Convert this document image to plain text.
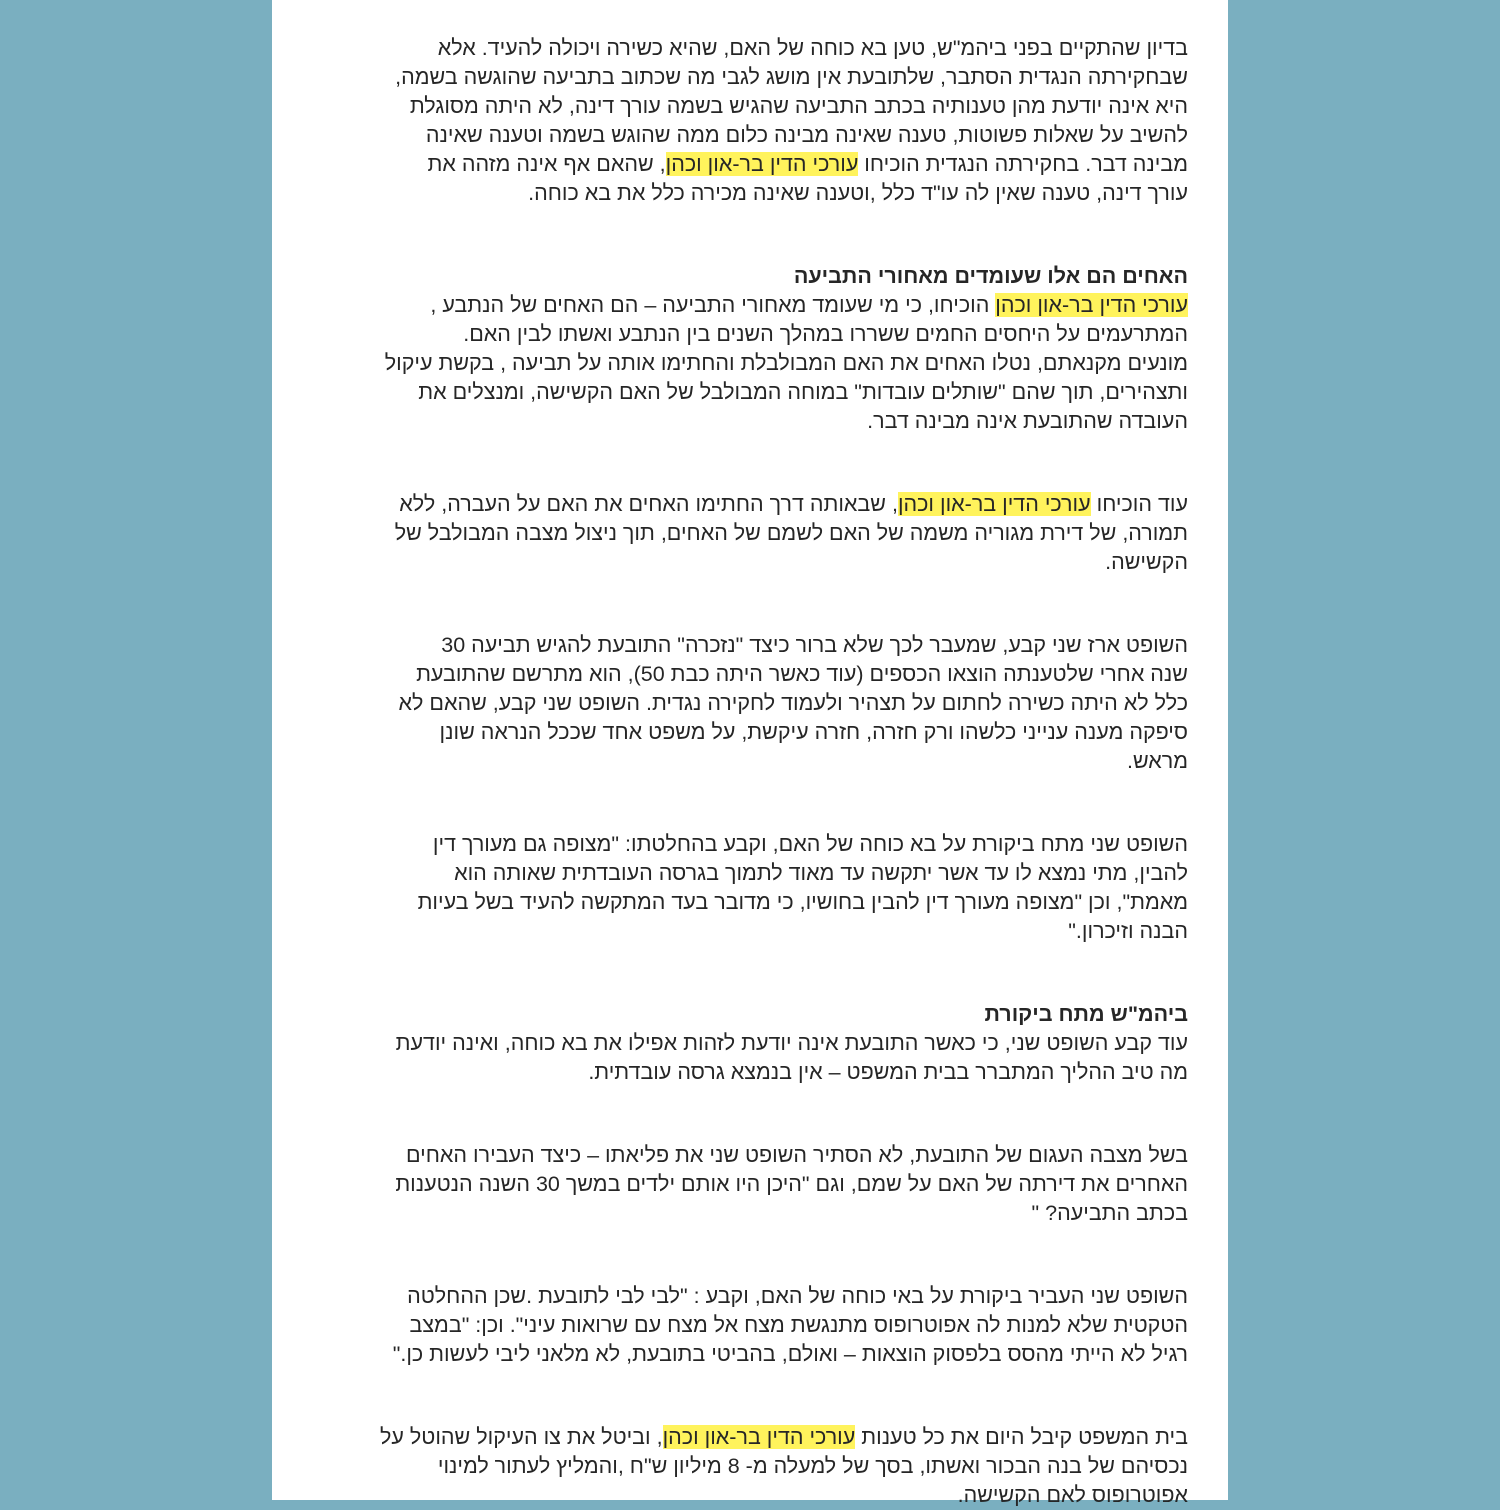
בדיון שהתקיים בפני ביהמ"ש, טען בא כוחה של האם, שהיא כשירה ויכולה להעיד. אלא
שבחקירתה הנגדית הסתבר, שלתובעת אין מושג לגבי מה שכתוב בתביעה שהוגשה בשמה,
היא אינה יודעת מהן טענותיה בכתב התביעה שהגיש בשמה עורך דינה, לא היתה מסוגלת
להשיב על שאלות פשוטות, טענה שאינה מבינה כלום ממה שהוגש בשמה וטענה שאינה
מבינה דבר. בחקירתה הנגדית הוכיחו עורכי הדין בר-און וכהן, שהאם אף אינה מזהה את
עורך דינה, טענה שאין לה עו"ד כלל ,וטענה שאינה מכירה כלל את בא כוחה.

האחים הם אלו שעומדים מאחורי התביעה

עורכי הדין בר-און וכהן הוכיחו, כי מי שעומד מאחורי התביעה – הם האחים של הנתבע ,
המתרעמים על היחסים החמים ששררו במהלך השנים בין הנתבע ואשתו לבין האם.
מונעים מקנאתם, נטלו האחים את האם המבולבלת והחתימו אותה על תביעה , בקשת עיקול
ותצהירים, תוך שהם "שותלים עובדות" במוחה המבולבל של האם הקשישה, ומנצלים את
העובדה שהתובעת אינה מבינה דבר.

עוד הוכיחו עורכי הדין בר-און וכהן, שבאותה דרך החתימו האחים את האם על העברה, ללא
תמורה, של דירת מגוריה משמה של האם לשמם של האחים, תוך ניצול מצבה המבולבל של
הקשישה.

השופט ארז שני קבע, שמעבר לכך שלא ברור כיצד "נזכרה" התובעת להגיש תביעה 30
שנה אחרי שלטענתה הוצאו הכספים (עוד כאשר היתה כבת 50), הוא מתרשם שהתובעת
כלל לא היתה כשירה לחתום על תצהיר ולעמוד לחקירה נגדית. השופט שני קבע, שהאם לא
סיפקה מענה ענייני כלשהו ורק חזרה, חזרה עיקשת, על משפט אחד שככל הנראה שונן
מראש.

השופט שני מתח ביקורת על בא כוחה של האם, וקבע בהחלטתו: "מצופה גם מעורך דין
להבין, מתי נמצא לו עד אשר יתקשה עד מאוד לתמוך בגרסה העובדתית שאותה הוא
מאמת", וכן "מצופה מעורך דין להבין בחושיו, כי מדובר בעד המתקשה להעיד בשל בעיות
הבנה וזיכרון."

ביהמ"ש מתח ביקורת

עוד קבע השופט שני, כי כאשר התובעת אינה יודעת לזהות אפילו את בא כוחה, ואינה יודעת
מה טיב ההליך המתברר בבית המשפט – אין בנמצא גרסה עובדתית.

בשל מצבה העגום של התובעת, לא הסתיר השופט שני את פליאתו – כיצד העבירו האחים
האחרים את דירתה של האם על שמם, וגם "היכן היו אותם ילדים במשך 30 השנה הנטענות
בכתב התביעה? "

השופט שני העביר ביקורת על באי כוחה של האם, וקבע : "לבי לבי לתובעת .שכן ההחלטה
הטקטית שלא למנות לה אפוטרופוס מתנגשת מצח אל מצח עם שרואות עיני". וכן: "במצב
רגיל לא הייתי מהסס בלפסוק הוצאות – ואולם, בהביטי בתובעת, לא מלאני ליבי לעשות כן."

בית המשפט קיבל היום את כל טענות עורכי הדין בר-און וכהן, וביטל את צו העיקול שהוטל על
נכסיהם של בנה הבכור ואשתו, בסך של למעלה מ- 8 מיליון ש"ח ,והמליץ לעתור למינוי
אפוטרופוס לאם הקשישה.
